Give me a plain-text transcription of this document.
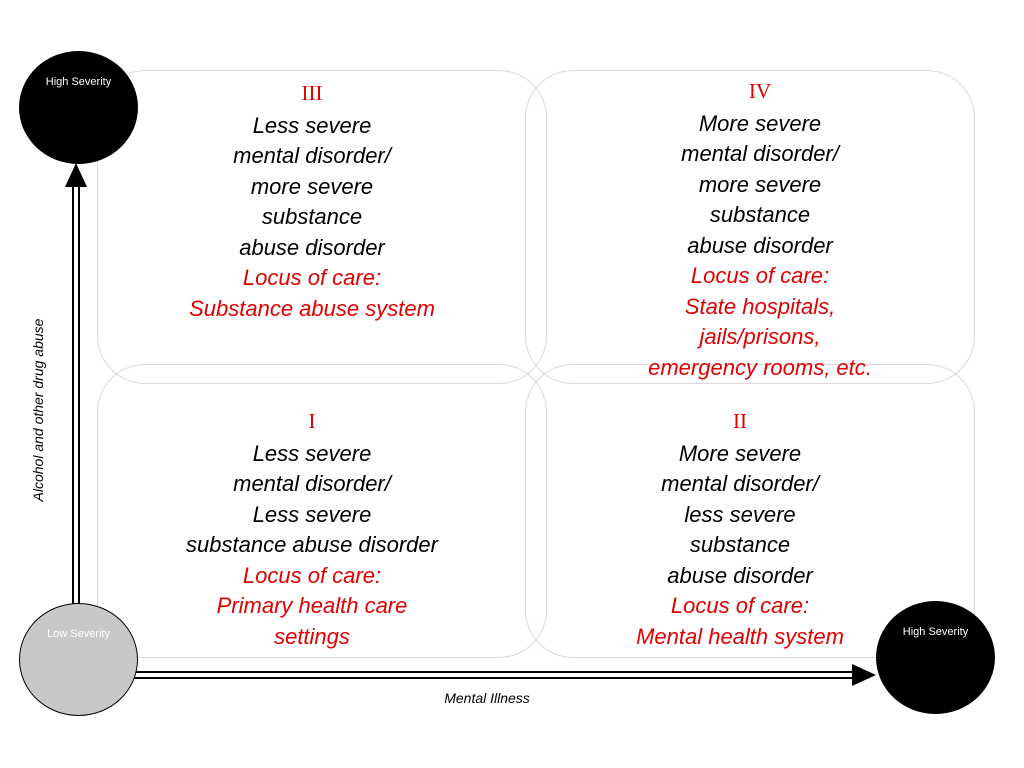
High Severity
Low Severity	High Severity
Alcohol and other drug abuse
Mental Illness
III
Less severe
mental disorder/
more severe
substance
abuse disorder
Locus of care:
Substance abuse system
IV
More severe
mental disorder/
more severe
substance
abuse disorder
Locus of care:
State hospitals,
jails/prisons,
emergency rooms, etc.
I
Less severe
mental disorder/
Less severe
substance abuse disorder
Locus of care:
Primary health care
settings
II
More severe
mental disorder/
less severe
substance
abuse disorder
Locus of care:
Mental health system
